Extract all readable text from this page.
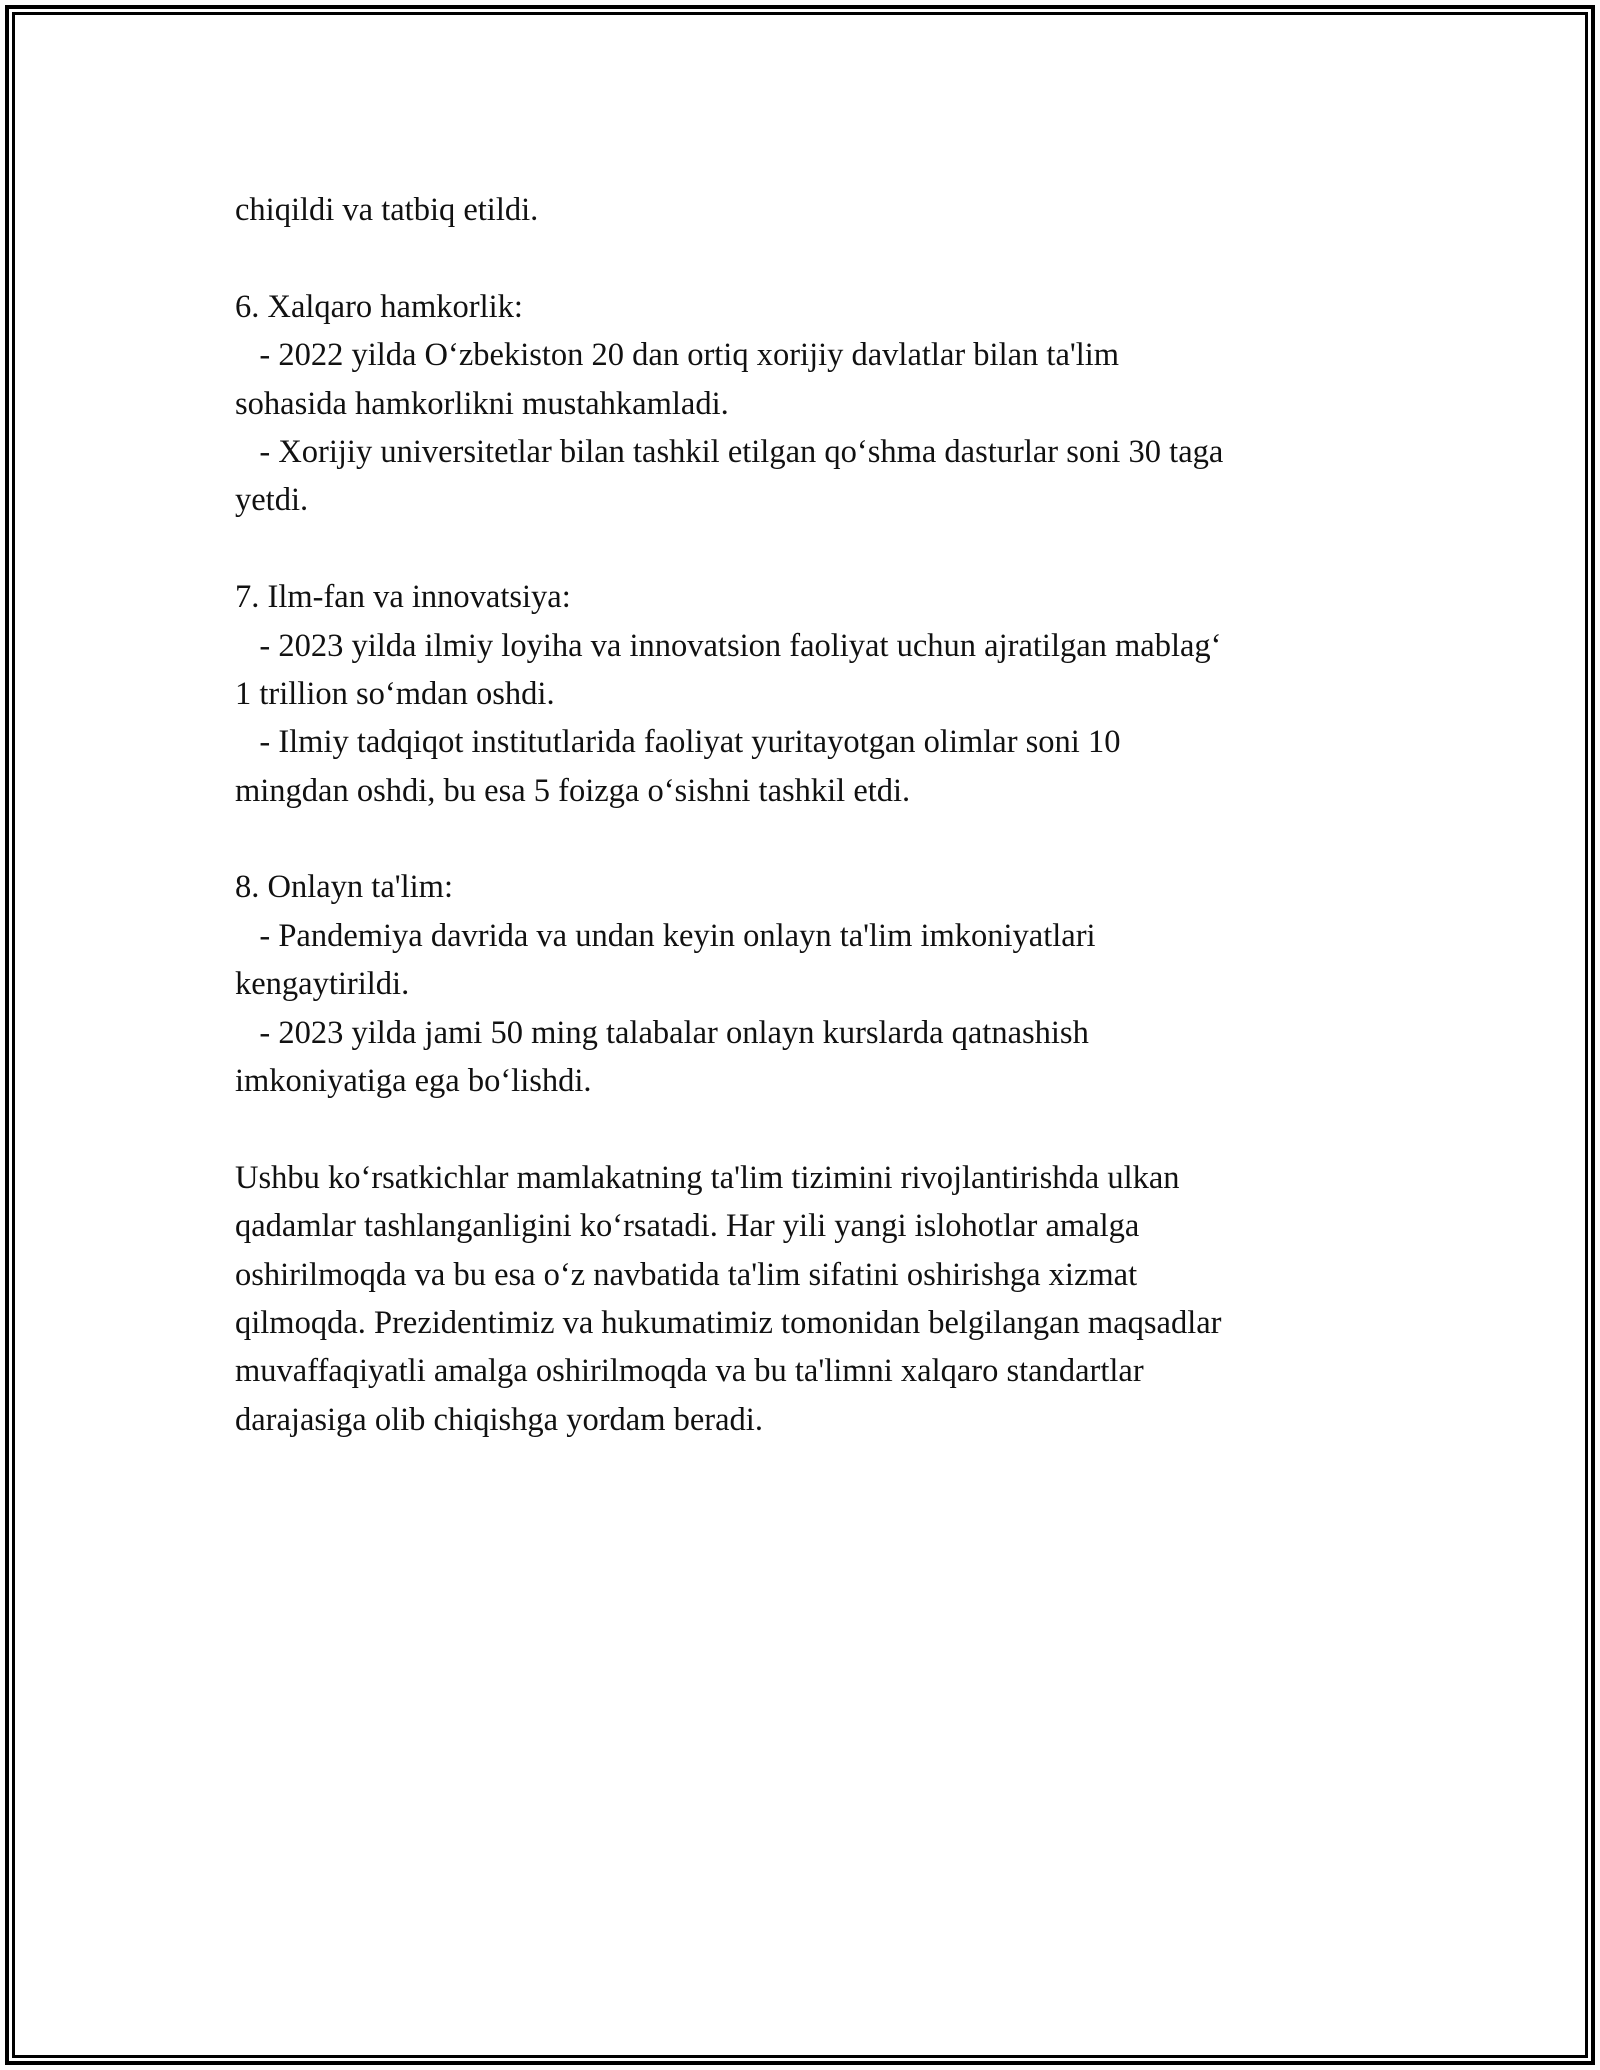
chiqildi va tatbiq etildi.
6. Xalqaro hamkorlik:
- 2022 yilda O‘zbekiston 20 dan ortiq xorijiy davlatlar bilan ta'lim
sohasida hamkorlikni mustahkamladi.
- Xorijiy universitetlar bilan tashkil etilgan qo‘shma dasturlar soni 30 taga
yetdi.
7. Ilm-fan va innovatsiya:
- 2023 yilda ilmiy loyiha va innovatsion faoliyat uchun ajratilgan mablag‘
1 trillion so‘mdan oshdi.
- Ilmiy tadqiqot institutlarida faoliyat yuritayotgan olimlar soni 10
mingdan oshdi, bu esa 5 foizga o‘sishni tashkil etdi.
8. Onlayn ta'lim:
- Pandemiya davrida va undan keyin onlayn ta'lim imkoniyatlari
kengaytirildi.
- 2023 yilda jami 50 ming talabalar onlayn kurslarda qatnashish
imkoniyatiga ega bo‘lishdi.
Ushbu ko‘rsatkichlar mamlakatning ta'lim tizimini rivojlantirishda ulkan
qadamlar tashlanganligini ko‘rsatadi. Har yili yangi islohotlar amalga
oshirilmoqda va bu esa o‘z navbatida ta'lim sifatini oshirishga xizmat
qilmoqda. Prezidentimiz va hukumatimiz tomonidan belgilangan maqsadlar
muvaffaqiyatli amalga oshirilmoqda va bu ta'limni xalqaro standartlar
darajasiga olib chiqishga yordam beradi.
